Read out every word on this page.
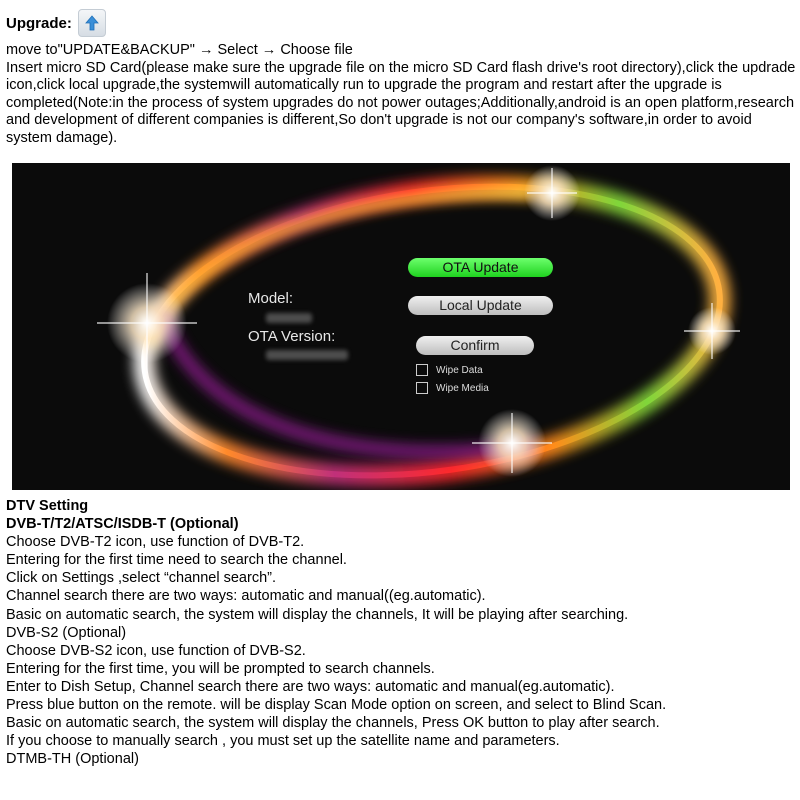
Upgrade:

move to"UPDATE&BACKUP" → Select → Choose file

Insert micro SD Card(please make sure the upgrade file on the micro SD Card flash drive's root directory),click the updrade icon,click local upgrade,the systemwill automatically run to upgrade the program and restart after the upgrade is completed(Note:in the process of system upgrades do not power outages;Additionally,android is an open platform,research and development of different companies is different,So don't upgrade is not our company's software,in order to avoid system damage).

Model:
OTA Version:
OTA Update
Local Update
Confirm
Wipe Data
Wipe Media

DTV Setting

DVB-T/T2/ATSC/ISDB-T (Optional)

Choose DVB-T2 icon, use function of DVB-T2.

Entering for the first time need to search the channel.

Click on Settings ,select “channel search”.

Channel search there are two ways: automatic and manual((eg.automatic).

Basic on automatic search, the system will display the channels, It will be playing after searching.

DVB-S2 (Optional)

Choose DVB-S2 icon, use function of DVB-S2.

Entering for the first time, you will be prompted to search channels.

Enter to Dish Setup, Channel search there are two ways: automatic and manual(eg.automatic).

Press blue button on the remote. will be display Scan Mode option on screen, and select to Blind Scan.

Basic on automatic search, the system will display the channels, Press OK button to play after search.

If you choose to manually search , you must set up the satellite name and parameters.

DTMB-TH (Optional)
